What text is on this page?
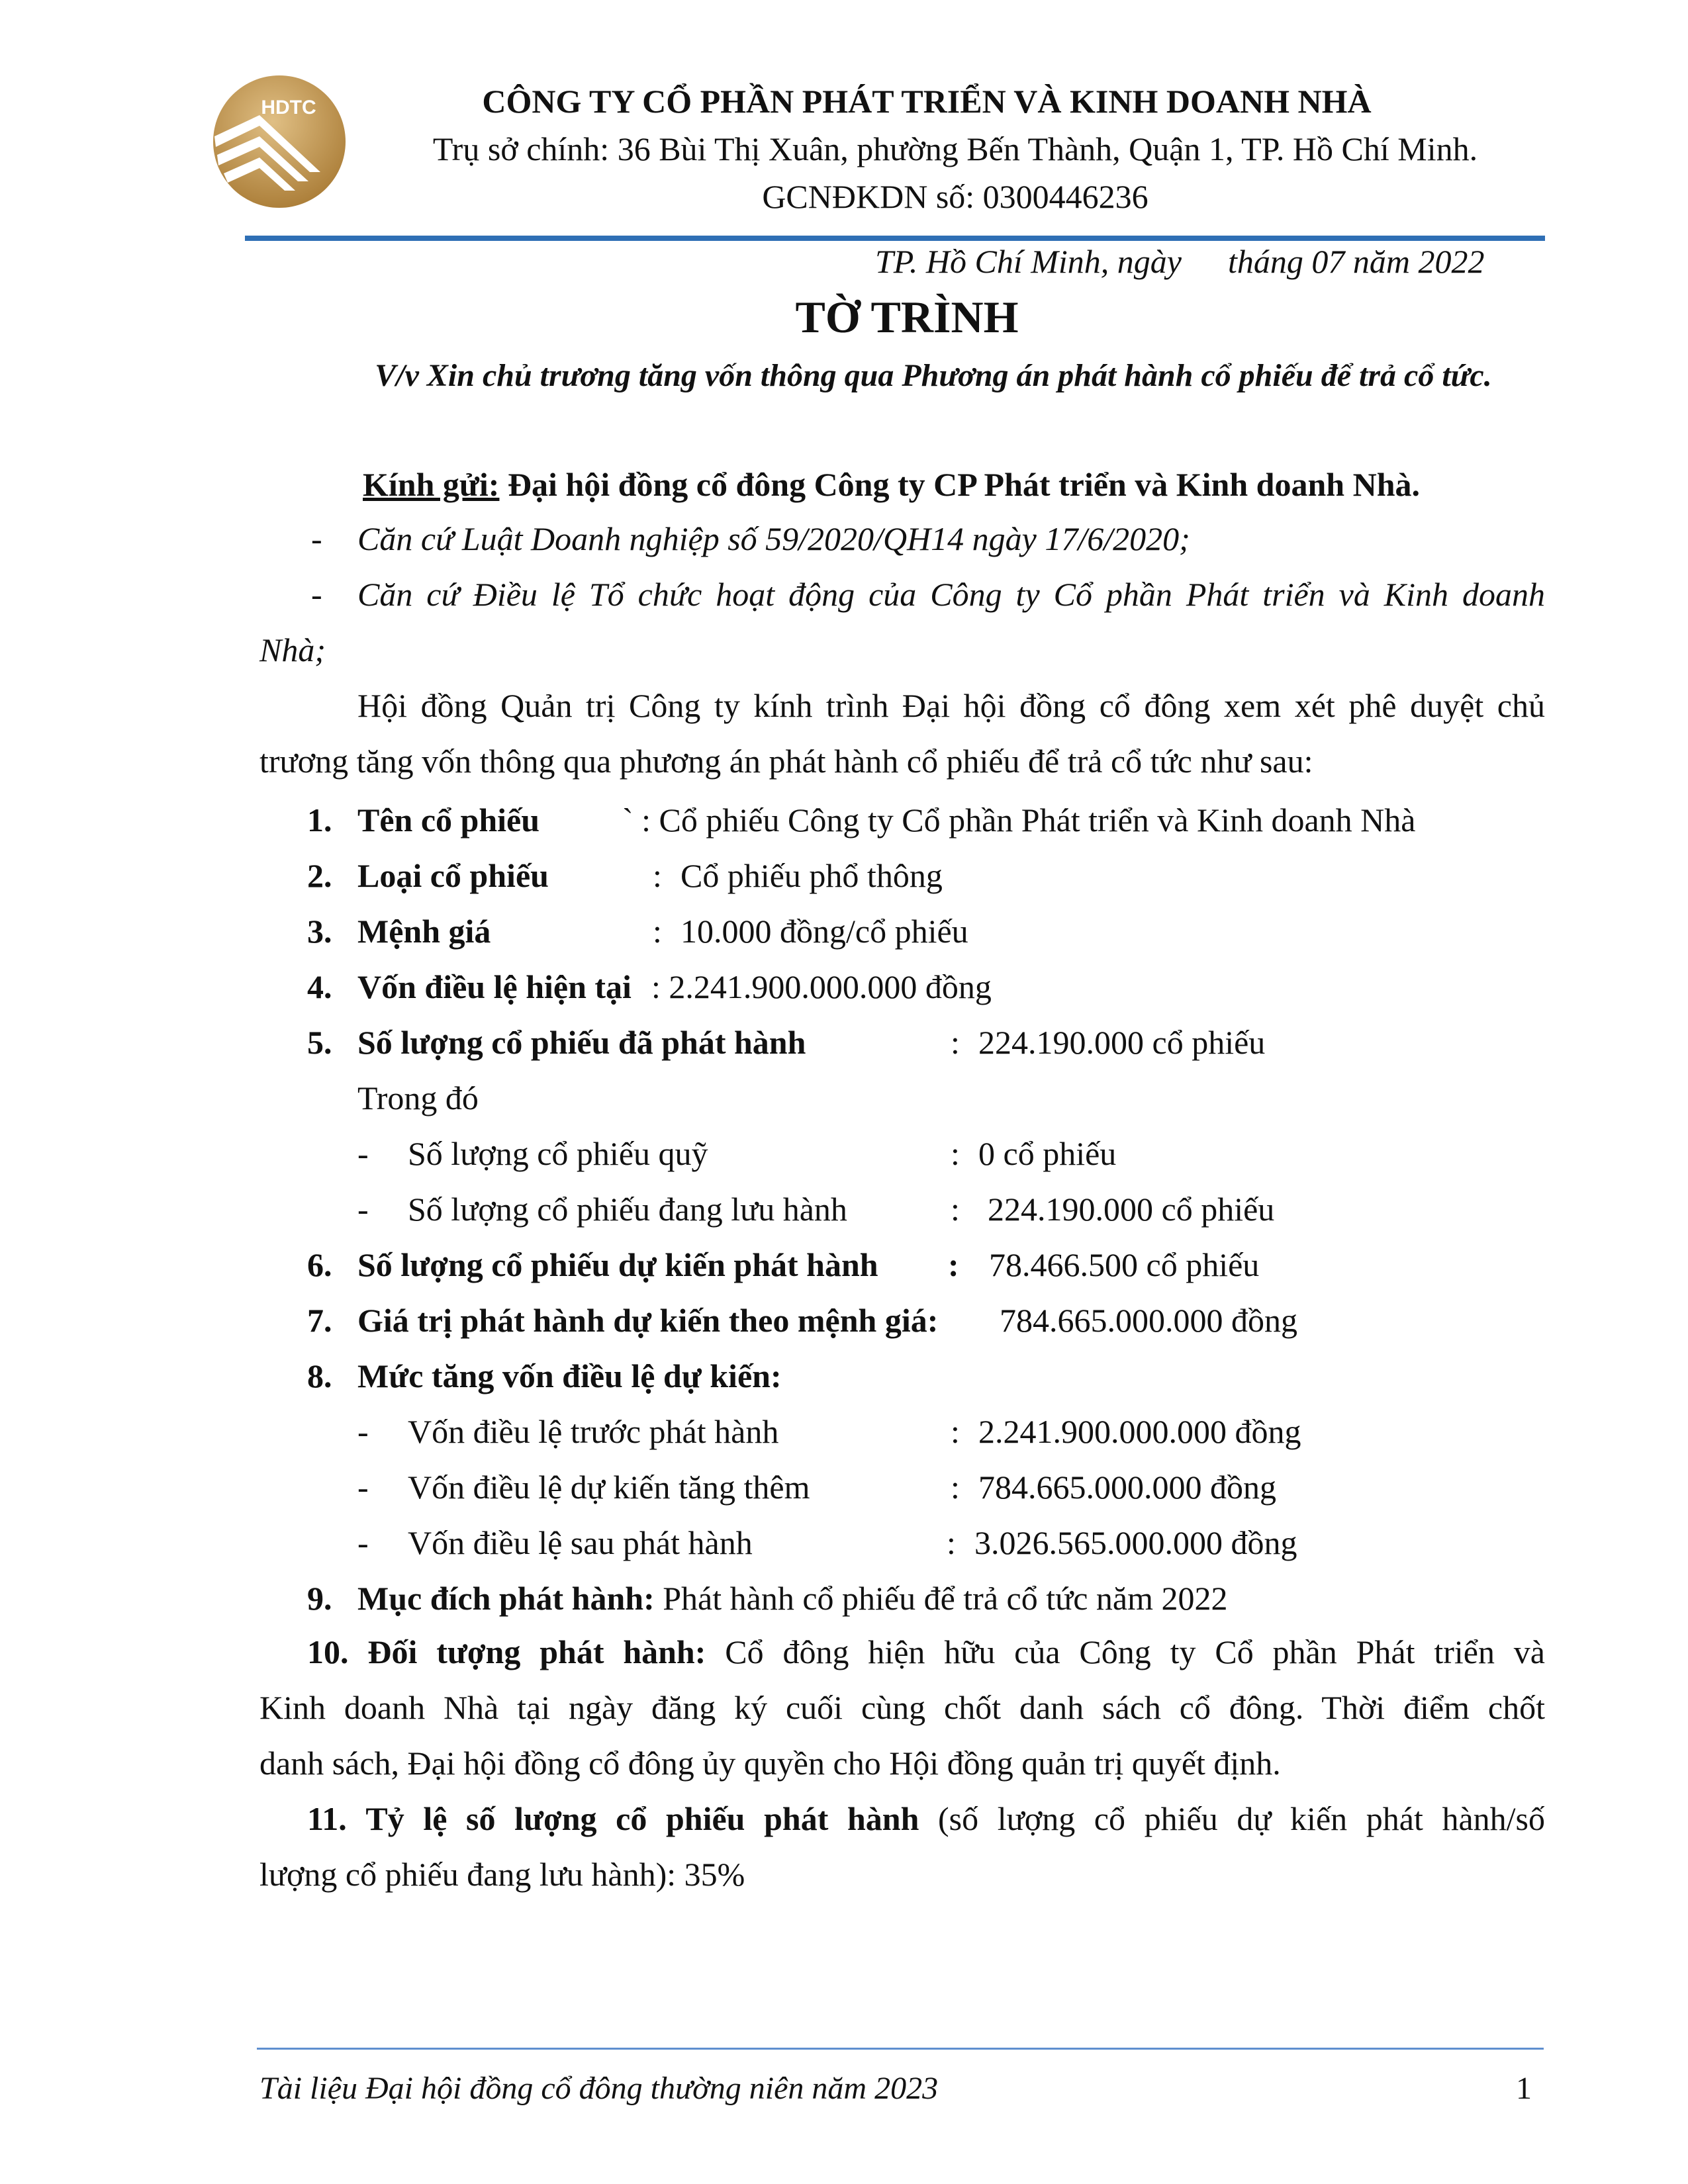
HDTC	CÔNG TY CỔ PHẦN PHÁT TRIỂN VÀ KINH DOANH NHÀ
Trụ sở chính: 36 Bùi Thị Xuân, phường Bến Thành, Quận 1, TP. Hồ Chí Minh.
GCNĐKDN số: 0300446236
TP. Hồ Chí Minh, ngày tháng 07 năm 2022
TỜ TRÌNH
V/v Xin chủ trương tăng vốn thông qua Phương án phát hành cổ phiếu để trả cổ tức.
Kính gửi: Đại hội đồng cổ đông Công ty CP Phát triển và Kinh doanh Nhà.
- Căn cứ Luật Doanh nghiệp số 59/2020/QH14 ngày 17/6/2020;
- Căn cứ Điều lệ Tổ chức hoạt động của Công ty Cổ phần Phát triển và Kinh doanh
Nhà;
Hội đồng Quản trị Công ty kính trình Đại hội đồng cổ đông xem xét phê duyệt chủ
trương tăng vốn thông qua phương án phát hành cổ phiếu để trả cổ tức như sau:
1. Tên cổ phiếu ` : Cổ phiếu Công ty Cổ phần Phát triển và Kinh doanh Nhà
2. Loại cổ phiếu	: Cổ phiếu phổ thông
3. Mệnh giá	: 10.000 đồng/cổ phiếu
4. Vốn điều lệ hiện tại : 2.241.900.000.000 đồng
5. Số lượng cổ phiếu đã phát hành	: 224.190.000 cổ phiếu
Trong đó
- Số lượng cổ phiếu quỹ	: 0 cổ phiếu
- Số lượng cổ phiếu đang lưu hành	: 224.190.000 cổ phiếu
6. Số lượng cổ phiếu dự kiến phát hành : 78.466.500 cổ phiếu
7. Giá trị phát hành dự kiến theo mệnh giá: 784.665.000.000 đồng
8. Mức tăng vốn điều lệ dự kiến:
- Vốn điều lệ trước phát hành	: 2.241.900.000.000 đồng
- Vốn điều lệ dự kiến tăng thêm	: 784.665.000.000 đồng
- Vốn điều lệ sau phát hành	: 3.026.565.000.000 đồng
9. Mục đích phát hành: Phát hành cổ phiếu để trả cổ tức năm 2022
10. Đối tượng phát hành: Cổ đông hiện hữu của Công ty Cổ phần Phát triển và
Kinh doanh Nhà tại ngày đăng ký cuối cùng chốt danh sách cổ đông. Thời điểm chốt
danh sách, Đại hội đồng cổ đông ủy quyền cho Hội đồng quản trị quyết định.
11. Tỷ lệ số lượng cổ phiếu phát hành (số lượng cổ phiếu dự kiến phát hành/số
lượng cổ phiếu đang lưu hành): 35%
Tài liệu Đại hội đồng cổ đông thường niên năm 2023	1
